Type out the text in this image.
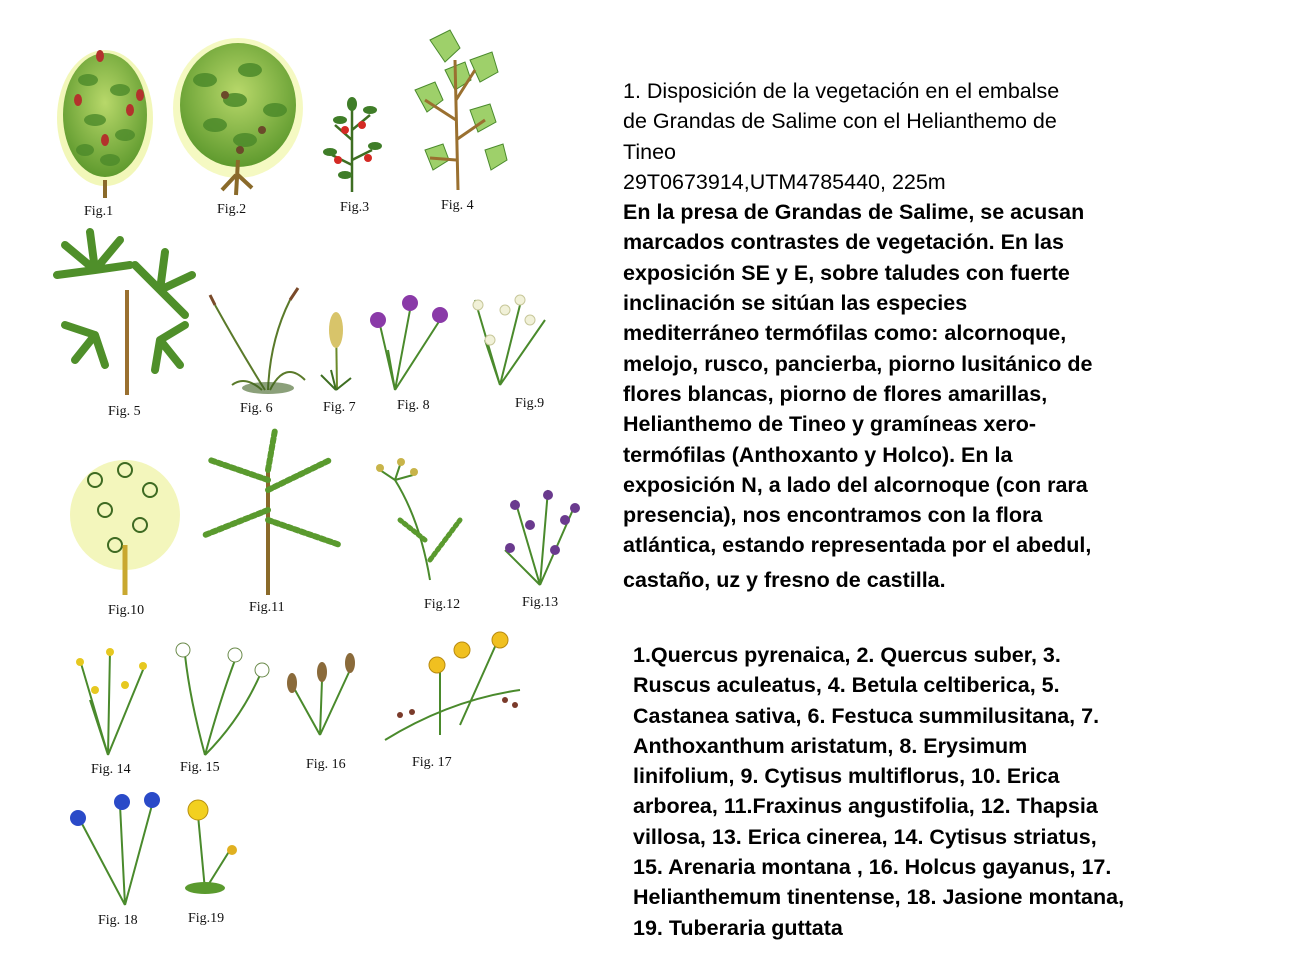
Fig.1	Fig.2	Fig.3	Fig. 4
Fig. 5	Fig. 6	Fig. 7	Fig. 8	Fig.9
Fig.10	Fig.11	Fig.12	Fig.13
Fig. 14	Fig. 15	Fig. 16	Fig. 17
Fig. 18	Fig.19
1. Disposición de la vegetación en el embalse
de Grandas de Salime con el Helianthemo de
Tineo
29T0673914,UTM4785440, 225m
En la presa de Grandas de Salime, se acusan
marcados contrastes de vegetación. En las
exposición SE y E, sobre taludes con fuerte
inclinación se sitúan las especies
mediterráneo termófilas como: alcornoque,
melojo, rusco, pancierba, piorno lusitánico de
flores blancas, piorno de flores amarillas,
Helianthemo de Tineo y gramíneas xero-
termófilas (Anthoxanto y Holco). En la
exposición N, a lado del alcornoque (con rara
presencia), nos encontramos con la flora
atlántica, estando representada por el abedul,
castaño, uz y fresno de castilla.
1.Quercus pyrenaica, 2. Quercus suber, 3.
Ruscus aculeatus, 4. Betula celtiberica, 5.
Castanea sativa, 6. Festuca summilusitana, 7.
Anthoxanthum aristatum, 8. Erysimum
linifolium, 9. Cytisus multiflorus, 10. Erica
arborea, 11.Fraxinus angustifolia, 12. Thapsia
villosa, 13. Erica cinerea, 14. Cytisus striatus,
15. Arenaria montana , 16. Holcus gayanus, 17.
Helianthemum tinentense, 18. Jasione montana,
19. Tuberaria guttata
